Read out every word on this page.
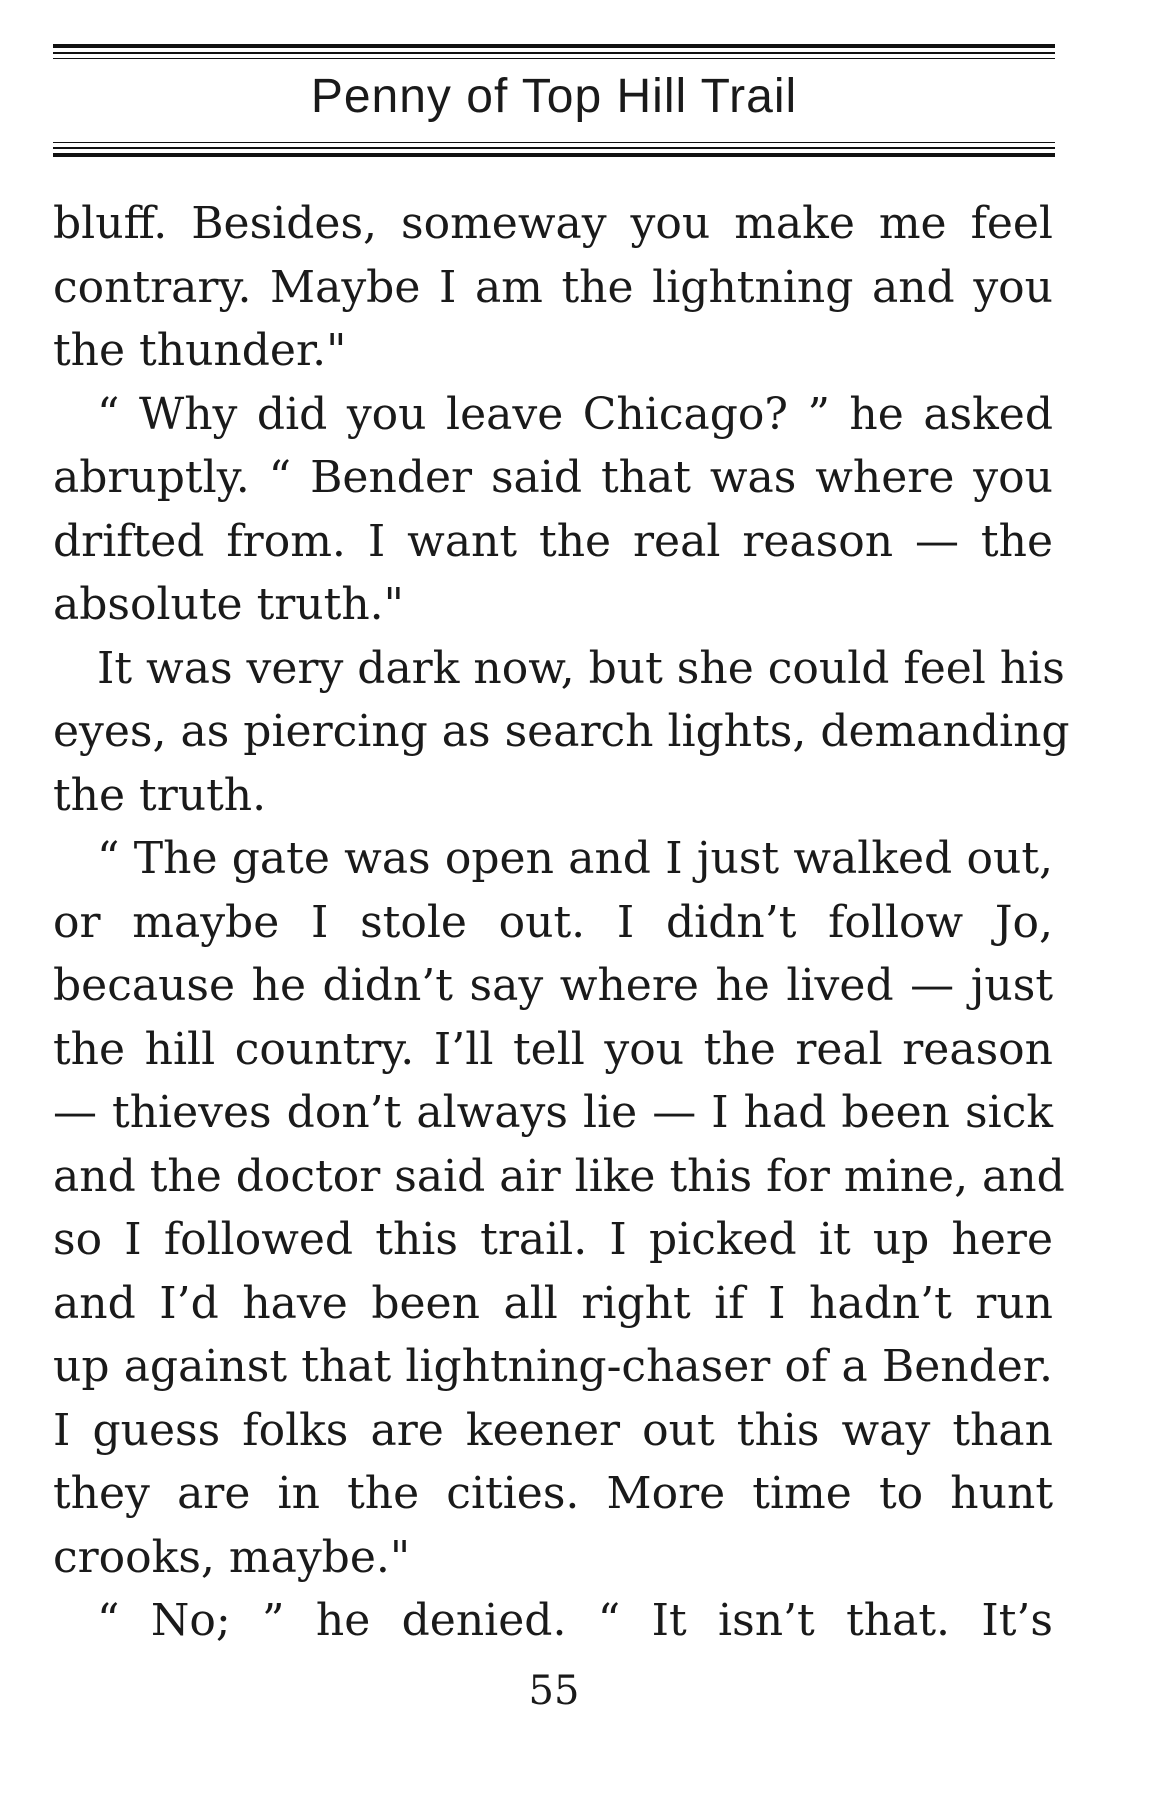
Penny of Top Hill Trail
bluff. Besides, someway you make me feel
contrary. Maybe I am the lightning and you
the thunder."
“ Why did you leave Chicago? ” he asked
abruptly. “ Bender said that was where you
drifted from. I want the real reason — the
absolute truth."
It was very dark now, but she could feel his
eyes, as piercing as search lights, demanding
the truth.
“ The gate was open and I just walked out,
or maybe I stole out. I didn’t follow Jo,
because he didn’t say where he lived — just
the hill country. I’ll tell you the real reason
— thieves don’t always lie — I had been sick
and the doctor said air like this for mine, and
so I followed this trail. I picked it up here
and I’d have been all right if I hadn’t run
up against that lightning-chaser of a Bender.
I guess folks are keener out this way than
they are in the cities. More time to hunt
crooks, maybe."
“ No; ” he denied. “ It isn’t that. It’s
55
